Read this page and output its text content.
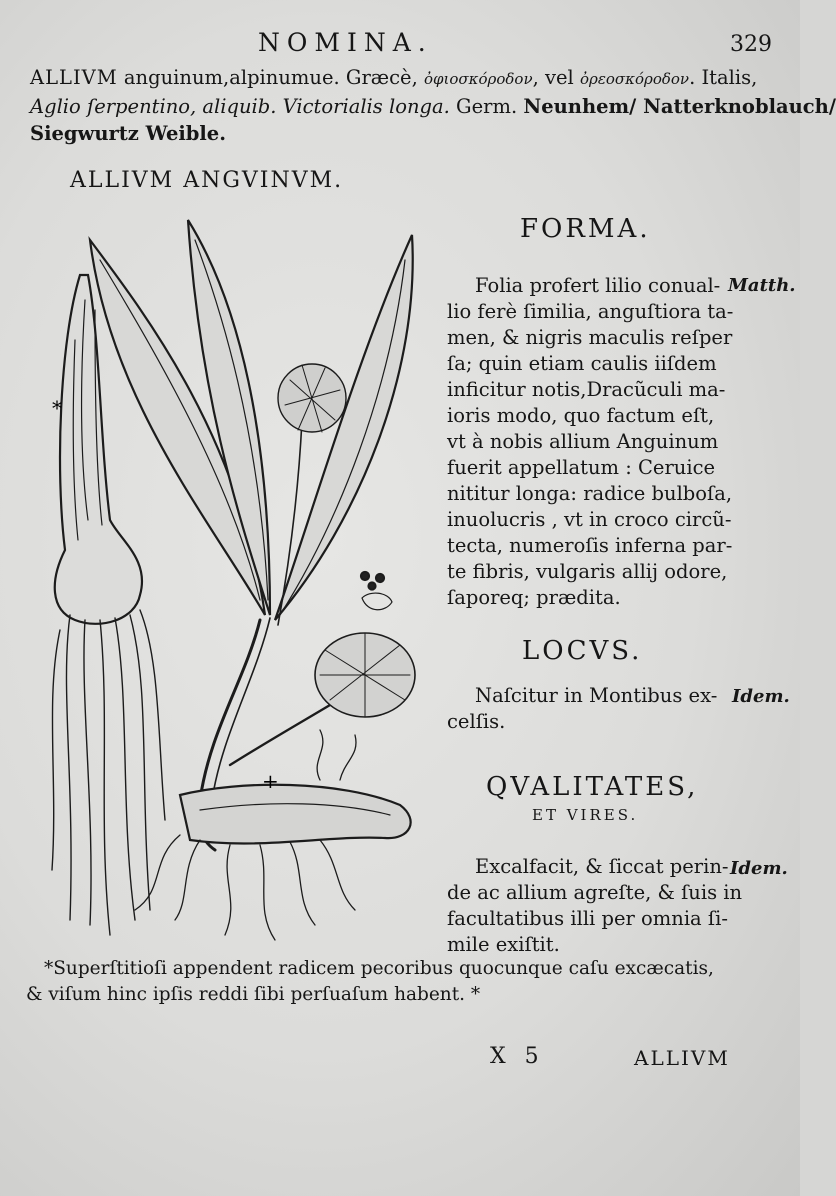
NOMINA.	329
ALLIVM anguinum,alpinumue. Græcè, ὀφιοσκόροδον, vel ὀρεοσκόροδον. Italis,
Aglio ſerpentino, aliquib. Victorialis longa. Germ. Neunhem/ Natterknoblauch/
Siegwurtz Weible.
ALLIVM ANGVINVM.
*
+
FORMA.
Matth.
Folia profert lilio conual-
lio ferè ſimilia, anguſtiora ta-
men, & nigris maculis reſper
ſa; quin etiam caulis iiſdem
inficitur notis,Dracũculi ma-
ioris modo, quo factum eſt,
vt à nobis allium Anguinum
fuerit appellatum : Ceruice
nititur longa: radice bulboſa,
inuolucris , vt in croco circũ-
tecta, numeroſis inferna par-
te fibris, vulgaris allij odore,
ſaporeq; prædita.
LOCVS.
Idem.
Naſcitur in Montibus ex-
celſis.
QVALITATES,
ET VIRES.
Idem.
Excalfacit, & ſiccat perin-
de ac allium agreſte, & ſuis in
facultatibus illi per omnia ſi-
mile exiſtit.
*Superſtitioſi appendent radicem pecoribus quocunque caſu excæcatis,
& viſum hinc ipſis reddi ſibi perſuaſum habent. *
X 5	ALLIVM
